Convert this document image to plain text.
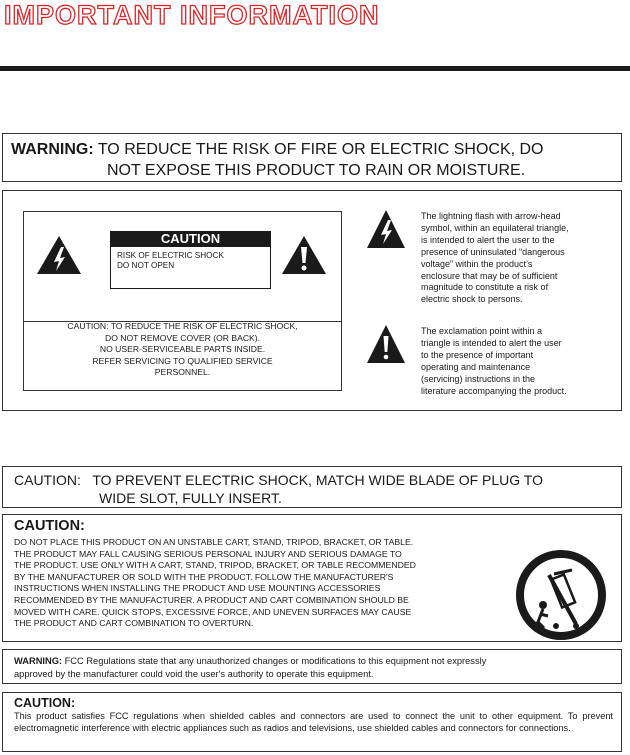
IMPORTANT INFORMATION
WARNING: TO REDUCE THE RISK OF FIRE OR ELECTRIC SHOCK, DO
NOT EXPOSE THIS PRODUCT TO RAIN OR MOISTURE.
CAUTION: TO REDUCE THE RISK OF ELECTRIC SHOCK,
DO NOT REMOVE COVER (OR BACK).
NO USER-SERVICEABLE PARTS INSIDE.
REFER SERVICING TO QUALIFIED SERVICE
PERSONNEL.
CAUTION
RISK OF ELECTRIC SHOCK
DO NOT OPEN
The lightning flash with arrow-head
symbol, within an equilateral triangle,
is intended to alert the user to the
presence of uninsulated “dangerous
voltage” within the product’s
enclosure that may be of sufficient
magnitude to constitute a risk of
electric shock to persons.
The exclamation point within a
triangle is intended to alert the user
to the presence of important
operating and maintenance
(servicing) instructions in the
literature accompanying the product.
CAUTION: TO PREVENT ELECTRIC SHOCK, MATCH WIDE BLADE OF PLUG TO
WIDE SLOT, FULLY INSERT.
CAUTION:
DO NOT PLACE THIS PRODUCT ON AN UNSTABLE CART, STAND, TRIPOD, BRACKET, OR TABLE.
THE PRODUCT MAY FALL CAUSING SERIOUS PERSONAL INJURY AND SERIOUS DAMAGE TO
THE PRODUCT. USE ONLY WITH A CART, STAND, TRIPOD, BRACKET, OR TABLE RECOMMENDED
BY THE MANUFACTURER OR SOLD WITH THE PRODUCT. FOLLOW THE MANUFACTURER'S
INSTRUCTIONS WHEN INSTALLING THE PRODUCT AND USE MOUNTING ACCESSORIES
RECOMMENDED BY THE MANUFACTURER. A PRODUCT AND CART COMBINATION SHOULD BE
MOVED WITH CARE. QUICK STOPS, EXCESSIVE FORCE, AND UNEVEN SURFACES MAY CAUSE
THE PRODUCT AND CART COMBINATION TO OVERTURN.
WARNING: FCC Regulations state that any unauthorized changes or modifications to this equipment not expressly
approved by the manufacturer could void the user's authority to operate this equipment.
CAUTION:
This product satisfies FCC regulations when shielded cables and connectors are used to connect the unit to other equipment. To prevent electromagnetic interference with electric appliances such as radios and televisions, use shielded cables and connectors for connections.
